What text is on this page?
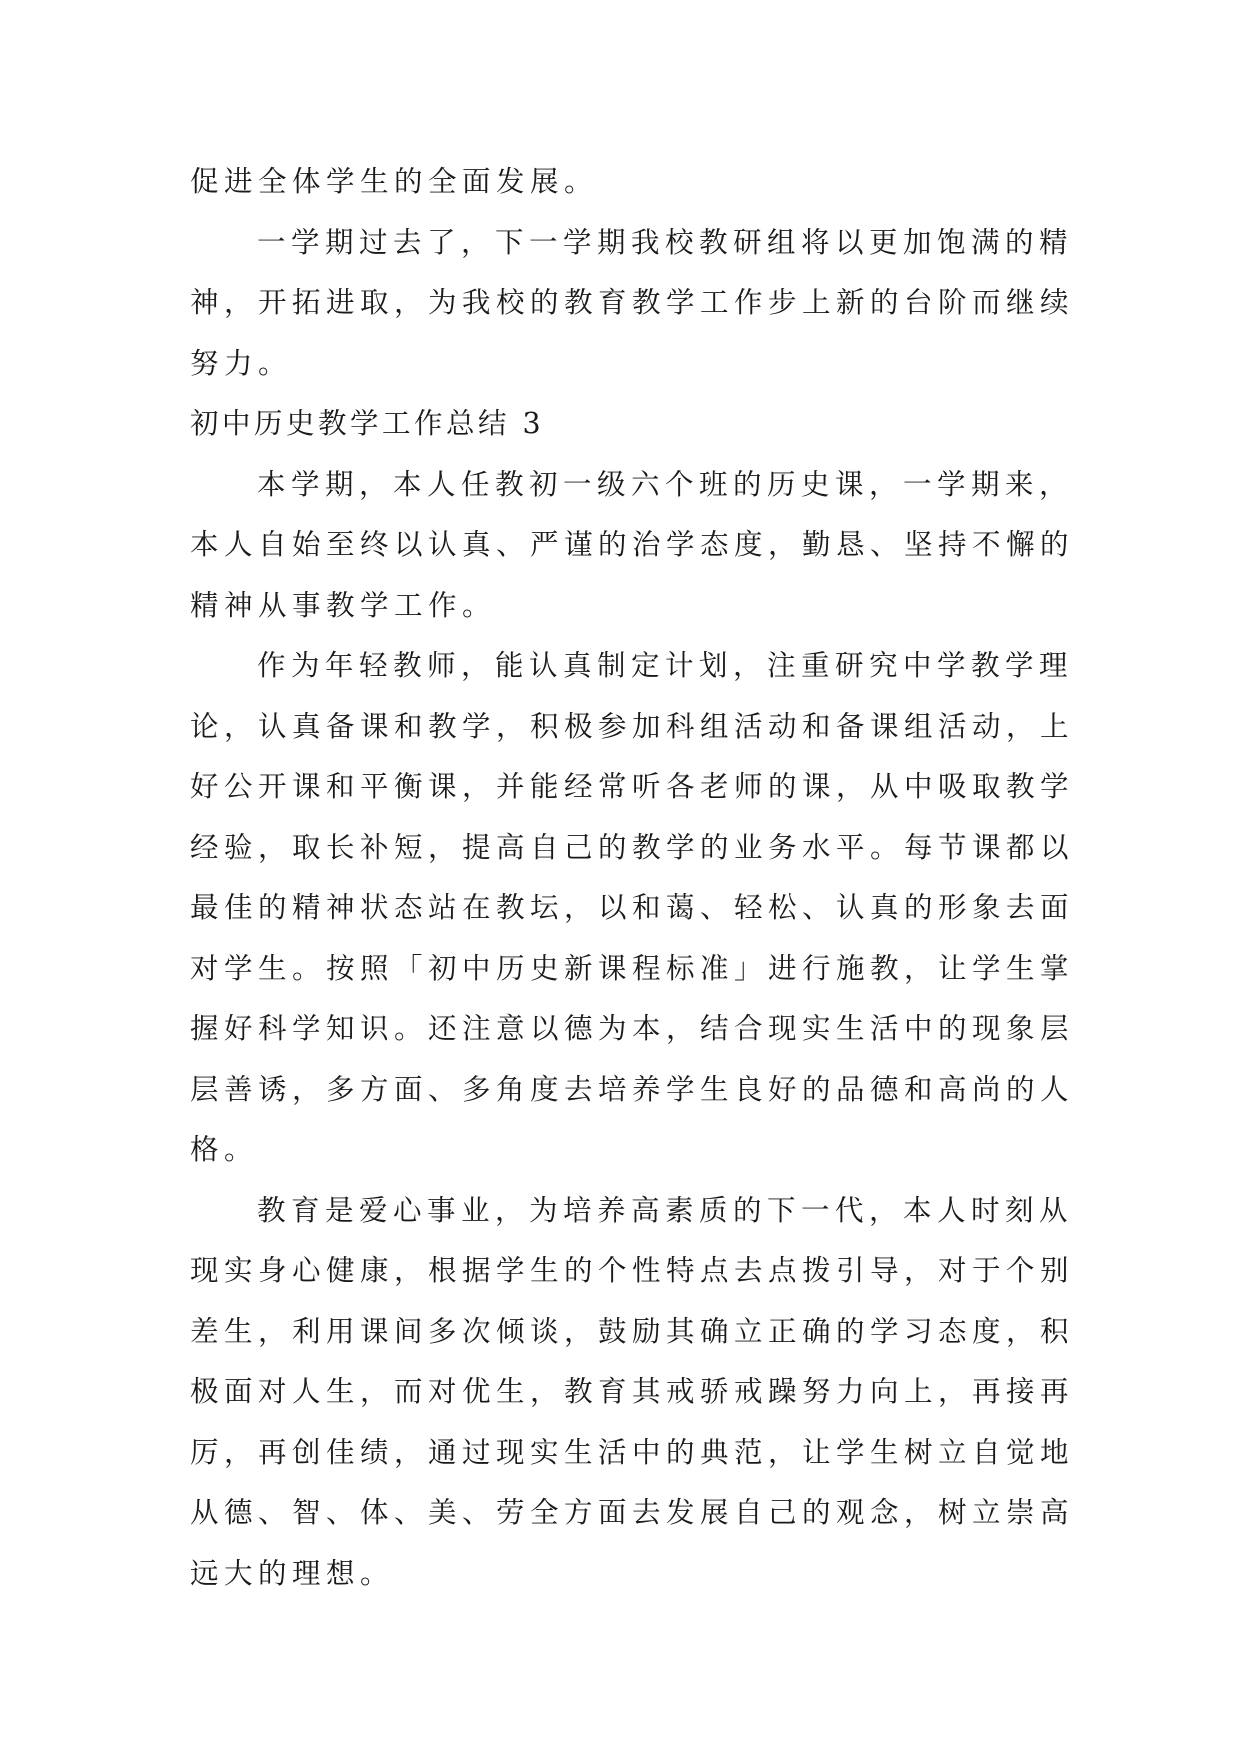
促进全体学生的全面发展。
一学期过去了，下一学期我校教研组将以更加饱满的精
神，开拓进取，为我校的教育教学工作步上新的台阶而继续
努力。
初中历史教学工作总结 3
本学期，本人任教初一级六个班的历史课，一学期来，
本人自始至终以认真、严谨的治学态度，勤恳、坚持不懈的
精神从事教学工作。
作为年轻教师，能认真制定计划，注重研究中学教学理
论，认真备课和教学，积极参加科组活动和备课组活动，上
好公开课和平衡课，并能经常听各老师的课，从中吸取教学
经验，取长补短，提高自己的教学的业务水平。每节课都以
最佳的精神状态站在教坛，以和蔼、轻松、认真的形象去面
对学生。按照「初中历史新课程标准」进行施教，让学生掌
握好科学知识。还注意以德为本，结合现实生活中的现象层
层善诱，多方面、多角度去培养学生良好的品德和高尚的人
格。
教育是爱心事业，为培养高素质的下一代，本人时刻从
现实身心健康，根据学生的个性特点去点拨引导，对于个别
差生，利用课间多次倾谈，鼓励其确立正确的学习态度，积
极面对人生，而对优生，教育其戒骄戒躁努力向上，再接再
厉，再创佳绩，通过现实生活中的典范，让学生树立自觉地
从德、智、体、美、劳全方面去发展自己的观念，树立崇高
远大的理想。
